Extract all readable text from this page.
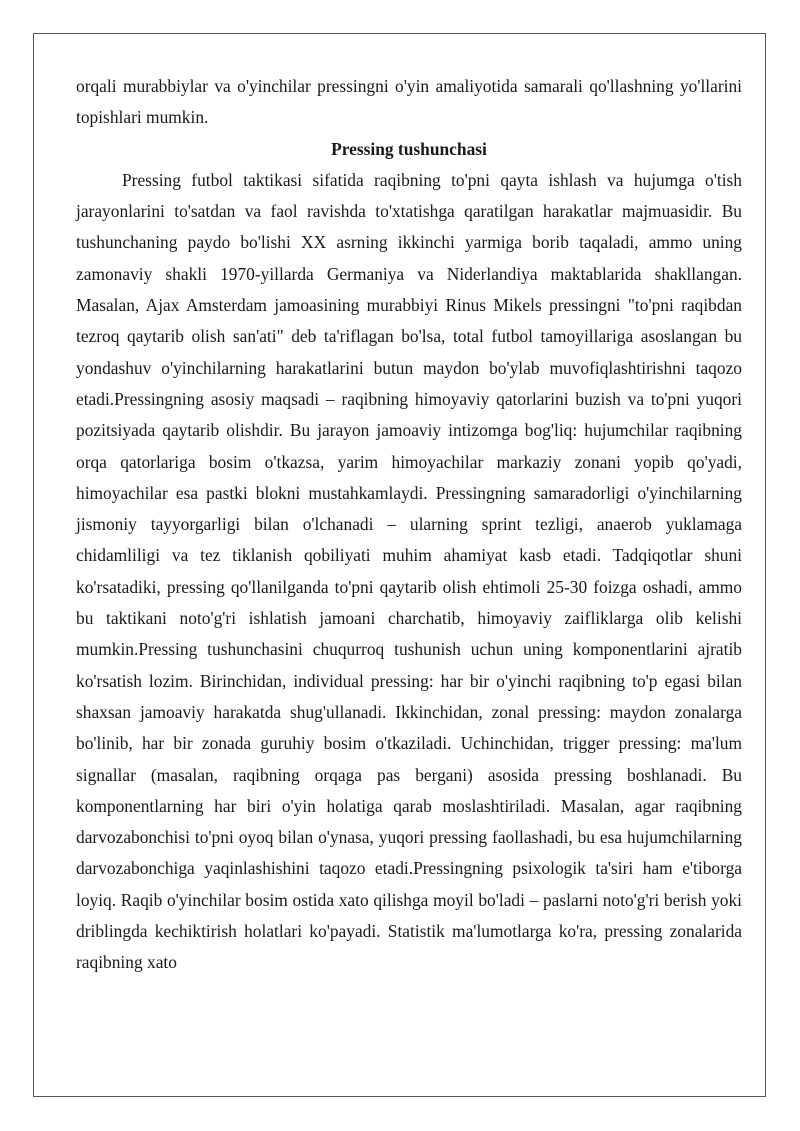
orqali murabbiylar va o'yinchilar pressingni o'yin amaliyotida samarali qo'llashning yo'llarini topishlari mumkin.

Pressing tushunchasi

Pressing futbol taktikasi sifatida raqibning to'pni qayta ishlash va hujumga o'tish jarayonlarini to'satdan va faol ravishda to'xtatishga qaratilgan harakatlar majmuasidir. Bu tushunchaning paydo bo'lishi XX asrning ikkinchi yarmiga borib taqaladi, ammo uning zamonaviy shakli 1970-yillarda Germaniya va Niderlandiya maktablarida shakllangan. Masalan, Ajax Amsterdam jamoasining murabbiyi Rinus Mikels pressingni "to'pni raqibdan tezroq qaytarib olish san'ati" deb ta'riflagan bo'lsa, total futbol tamoyillariga asoslangan bu yondashuv o'yinchilarning harakatlarini butun maydon bo'ylab muvofiqlashtirishni taqozo etadi.Pressingning asosiy maqsadi – raqibning himoyaviy qatorlarini buzish va to'pni yuqori pozitsiyada qaytarib olishdir. Bu jarayon jamoaviy intizomga bog'liq: hujumchilar raqibning orqa qatorlariga bosim o'tkazsa, yarim himoyachilar markaziy zonani yopib qo'yadi, himoyachilar esa pastki blokni mustahkamlaydi. Pressingning samaradorligi o'yinchilarning jismoniy tayyorgarligi bilan o'lchanadi – ularning sprint tezligi, anaerob yuklamaga chidamliligi va tez tiklanish qobiliyati muhim ahamiyat kasb etadi. Tadqiqotlar shuni ko'rsatadiki, pressing qo'llanilganda to'pni qaytarib olish ehtimoli 25-30 foizga oshadi, ammo bu taktikani noto'g'ri ishlatish jamoani charchatib, himoyaviy zaifliklarga olib kelishi mumkin.Pressing tushunchasini chuqurroq tushunish uchun uning komponentlarini ajratib ko'rsatish lozim. Birinchidan, individual pressing: har bir o'yinchi raqibning to'p egasi bilan shaxsan jamoaviy harakatda shug'ullanadi. Ikkinchidan, zonal pressing: maydon zonalarga bo'linib, har bir zonada guruhiy bosim o'tkaziladi. Uchinchidan, trigger pressing: ma'lum signallar (masalan, raqibning orqaga pas bergani) asosida pressing boshlanadi. Bu komponentlarning har biri o'yin holatiga qarab moslashtiriladi. Masalan, agar raqibning darvozabonchisi to'pni oyoq bilan o'ynasa, yuqori pressing faollashadi, bu esa hujumchilarning darvozabonchiga yaqinlashishini taqozo etadi.Pressingning psixologik ta'siri ham e'tiborga loyiq. Raqib o'yinchilar bosim ostida xato qilishga moyil bo'ladi – paslarni noto'g'ri berish yoki driblingda kechiktirish holatlari ko'payadi. Statistik ma'lumotlarga ko'ra, pressing zonalarida raqibning xato
